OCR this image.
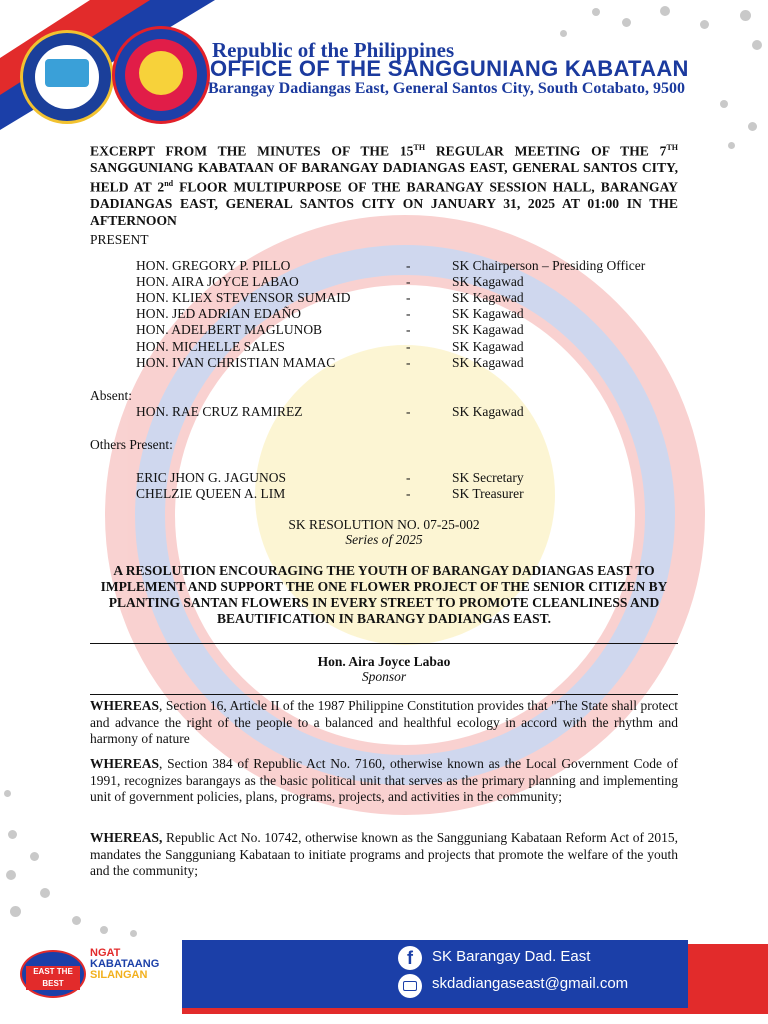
Republic of the Philippines
OFFICE OF THE SANGGUNIANG KABATAAN
Barangay Dadiangas East, General Santos City, South Cotabato, 9500

EXCERPT FROM THE MINUTES OF THE 15TH REGULAR MEETING OF THE 7TH SANGGUNIANG KABATAAN OF BARANGAY DADIANGAS EAST, GENERAL SANTOS CITY, HELD AT 2nd FLOOR MULTIPURPOSE OF THE BARANGAY SESSION HALL, BARANGAY DADIANGAS EAST, GENERAL SANTOS CITY ON JANUARY 31, 2025 AT 01:00 IN THE AFTERNOON

PRESENT
HON. GREGORY P. PILLO	-	SK Chairperson – Presiding Officer
HON. AIRA JOYCE LABAO	-	SK Kagawad
HON. KLIEX STEVENSOR SUMAID	-	SK Kagawad
HON. JED ADRIAN EDAÑO	-	SK Kagawad
HON. ADELBERT MAGLUNOB	-	SK Kagawad
HON. MICHELLE SALES	-	SK Kagawad
HON. IVAN CHRISTIAN MAMAC	-	SK Kagawad
Absent:
HON. RAE CRUZ RAMIREZ	-	SK Kagawad
Others Present:
ERIC JHON G. JAGUNOS	-	SK Secretary
CHELZIE QUEEN A. LIM	-	SK Treasurer
SK RESOLUTION NO. 07-25-002
Series of 2025
A RESOLUTION ENCOURAGING THE YOUTH OF BARANGAY DADIANGAS EAST TO IMPLEMENT AND SUPPORT THE ONE FLOWER PROJECT OF THE SENIOR CITIZEN BY PLANTING SANTAN FLOWERS IN EVERY STREET TO PROMOTE CLEANLINESS AND BEAUTIFICATION IN BARANGY DADIANGAS EAST.
Hon. Aira Joyce Labao
Sponsor
WHEREAS, Section 16, Article II of the 1987 Philippine Constitution provides that "The State shall protect and advance the right of the people to a balanced and healthful ecology in accord with the rhythm and harmony of nature
WHEREAS, Section 384 of Republic Act No. 7160, otherwise known as the Local Government Code of 1991, recognizes barangays as the basic political unit that serves as the primary planning and implementing unit of government policies, plans, programs, projects, and activities in the community;
WHEREAS, Republic Act No. 10742, otherwise known as the Sangguniang Kabataan Reform Act of 2015, mandates the Sangguniang Kabataan to initiate programs and projects that promote the welfare of the youth and the community;
EAST THE BEST
NGAT
KABATAANG
SILANGAN
f	SK Barangay Dad. East
skdadiangaseast@gmail.com
